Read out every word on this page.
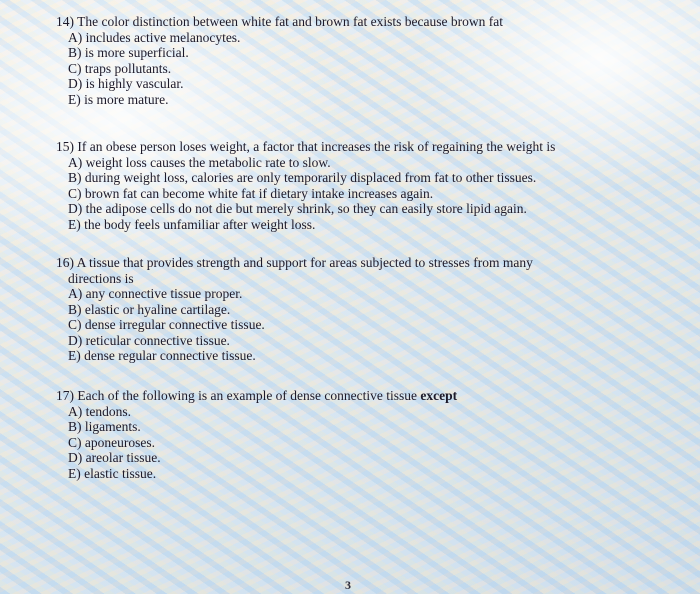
14) The color distinction between white fat and brown fat exists because brown fat

A) includes active melanocytes.
B) is more superficial.
C) traps pollutants.
D) is highly vascular.
E) is more mature.

15) If an obese person loses weight, a factor that increases the risk of regaining the weight is

A) weight loss causes the metabolic rate to slow.
B) during weight loss, calories are only temporarily displaced from fat to other tissues.
C) brown fat can become white fat if dietary intake increases again.
D) the adipose cells do not die but merely shrink, so they can easily store lipid again.
E) the body feels unfamiliar after weight loss.

16) A tissue that provides strength and support for areas subjected to stresses from many

directions is

A) any connective tissue proper.
B) elastic or hyaline cartilage.
C) dense irregular connective tissue.
D) reticular connective tissue.
E) dense regular connective tissue.

17) Each of the following is an example of dense connective tissue except

A) tendons.
B) ligaments.
C) aponeuroses.
D) areolar tissue.
E) elastic tissue.
3
